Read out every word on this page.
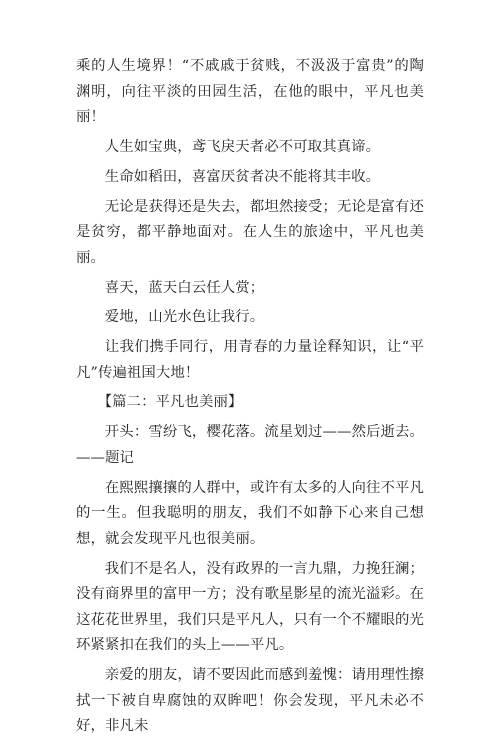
乘的人生境界！“不戚戚于贫贱，不汲汲于富贵”的陶渊明，向往平淡的田园生活，在他的眼中，平凡也美丽！

人生如宝典，鸢飞戾天者必不可取其真谛。

生命如稻田，喜富厌贫者决不能将其丰收。

无论是获得还是失去，都坦然接受；无论是富有还是贫穷，都平静地面对。在人生的旅途中，平凡也美丽。

喜天，蓝天白云任人赏；

爱地，山光水色让我行。

让我们携手同行，用青春的力量诠释知识，让“平凡”传遍祖国大地！

【篇二：平凡也美丽】

开头：雪纷飞，樱花落。流星划过——然后逝去。——题记

在熙熙攘攘的人群中，或许有太多的人向往不平凡的一生。但我聪明的朋友，我们不如静下心来自己想想，就会发现平凡也很美丽。

我们不是名人，没有政界的一言九鼎，力挽狂澜；没有商界里的富甲一方；没有歌星影星的流光溢彩。在这花花世界里，我们只是平凡人，只有一个不耀眼的光环紧紧扣在我们的头上——平凡。

亲爱的朋友，请不要因此而感到羞愧：请用理性擦拭一下被自卑腐蚀的双眸吧！你会发现，平凡未必不好，非凡未
